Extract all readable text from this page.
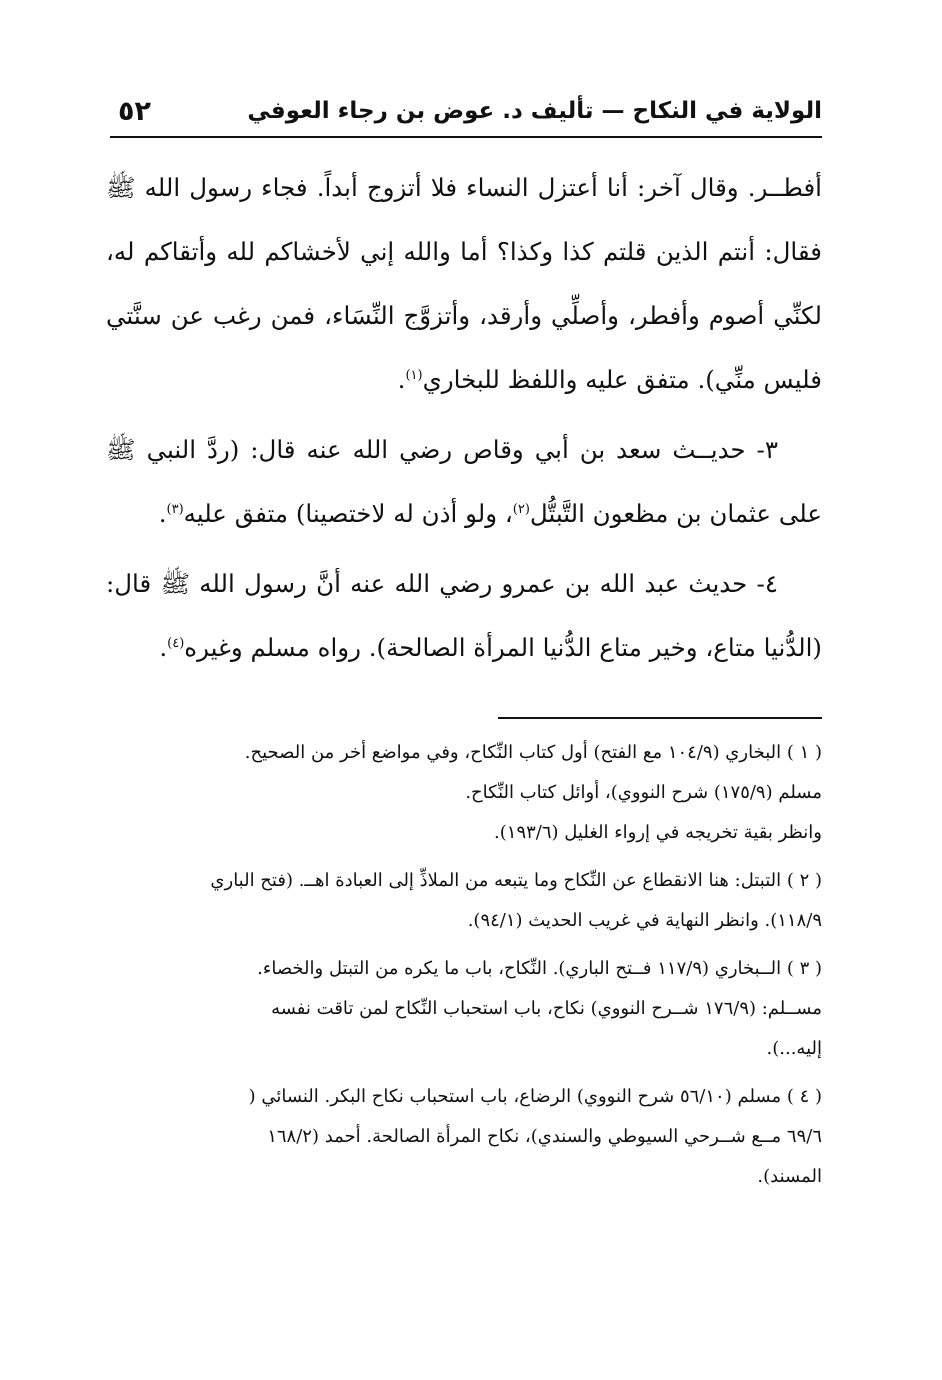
الولاية في النكاح — تأليف د. عوض بن رجاء العوفي
٥٢

أفطــر. وقال آخر: أنا أعتزل النساء فلا أتزوج أبداً. فجاء رسول الله ﷺ فقال: أنتم الذين قلتم كذا وكذا؟ أما والله إني لأخشاكم لله وأتقاكم له، لكنِّي أصوم وأفطر، وأصلِّي وأرقد، وأتزوَّج النِّسَاء، فمن رغب عن سنَّتي فليس منِّي). متفق عليه واللفظ للبخاري$^{(١)}$.

٣- حديــث سعد بن أبي وقاص رضي الله عنه قال: (ردَّ النبي ﷺ على عثمان بن مظعون التَّبتُّل$^{(٢)}$، ولو أذن له لاختصينا) متفق عليه$^{(٣)}$.

٤- حديث عبد الله بن عمرو رضي الله عنه أنَّ رسول الله ﷺ قال: (الدُّنيا متاع، وخير متاع الدُّنيا المرأة الصالحة). رواه مسلم وغيره$^{(٤)}$.

( ١ ) البخاري (١٠٤/٩ مع الفتح) أول كتاب النِّكاح، وفي مواضع أخر من الصحيح.
مسلم (١٧٥/٩) شرح النووي)، أوائل كتاب النِّكاح.
وانظر بقية تخريجه في إرواء الغليل (١٩٣/٦).
( ٢ ) التبتل: هنا الانقطاع عن النِّكاح وما يتبعه من الملاذِّ إلى العبادة اهــ. (فتح الباري
١١٨/٩). وانظر النهاية في غريب الحديث (٩٤/١).
( ٣ ) الــبخاري (١١٧/٩ فــتح الباري). النِّكاح، باب ما يكره من التبتل والخصاء.
مســلم: (١٧٦/٩ شــرح النووي) نكاح، باب استحباب النِّكاح لمن تاقت نفسه
إليه...).
( ٤ ) مسلم (٥٦/١٠ شرح النووي) الرضاع، باب استحباب نكاح البكر. النسائي (
٦٩/٦ مــع شــرحي السيوطي والسندي)، نكاح المرأة الصالحة. أحمد (١٦٨/٢
المسند).
